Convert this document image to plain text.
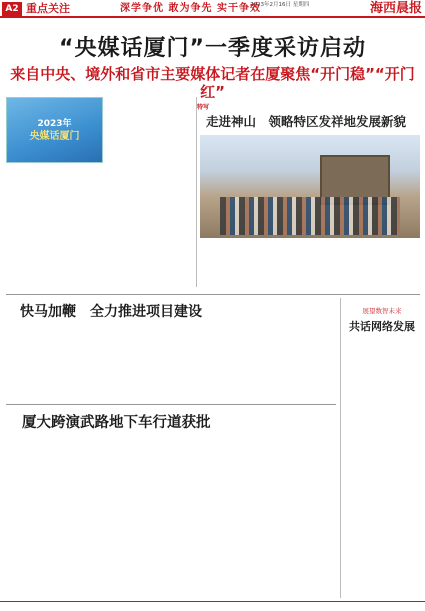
A2 重点关注	深学争优 敢为争先 实干争效
2023年2月16日 星期四	海西晨报
“央媒话厦门”一季度采访启动
来自中央、境外和省市主要媒体记者在厦聚焦“开门稳”“开门红”
2023年
央媒话厦门
特写
走进神山　领略特区发祥地发展新貌
快马加鞭　全力推进项目建设	展望数智未来
共话网络发展
厦大跨演武路地下车行道获批
